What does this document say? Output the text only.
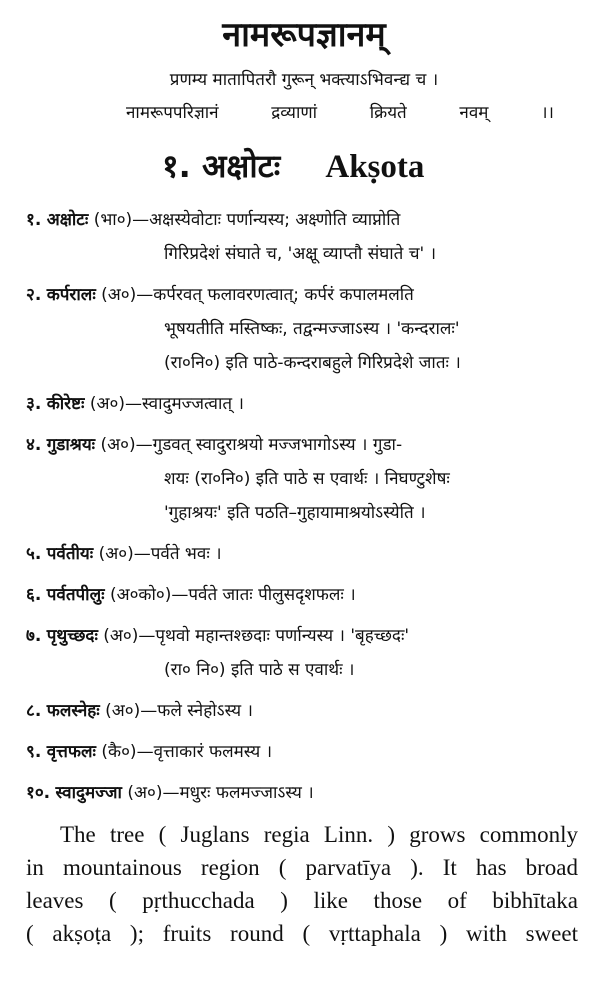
नामरूपज्ञानम्
प्रणम्य मातापितरौ गुरून् भक्त्याऽभिवन्द्य च ।
नामरूपपरिज्ञानं द्रव्याणां क्रियते नवम् ।।
१. अक्षोटः Akṣota
१. अक्षोटः (भा०)—अक्षस्येवोटाः पर्णान्यस्य; अक्ष्णोति व्याप्नोति
गिरिप्रदेशं संघाते च, 'अक्षू व्याप्तौ संघाते च' ।
२. कर्परालः (अ०)—कर्परवत् फलावरणत्वात्; कर्परं कपालमलति
भूषयतीति मस्तिष्कः, तद्वन्मज्जाऽस्य । 'कन्दरालः'
(रा०नि०) इति पाठे-कन्दराबहुले गिरिप्रदेशे जातः ।
३. कीरेष्टः (अ०)—स्वादुमज्जत्वात् ।
४. गुडाश्रयः (अ०)—गुडवत् स्वादुराश्रयो मज्जभागोऽस्य । गुडा-
शयः (रा०नि०) इति पाठे स एवार्थः । निघण्टुशेषः
'गुहाश्रयः' इति पठति–गुहायामाश्रयोऽस्येति ।
५. पर्वतीयः (अ०)—पर्वते भवः ।
६. पर्वतपीलुः (अ०को०)—पर्वते जातः पीलुसदृशफलः ।
७. पृथुच्छदः (अ०)—पृथवो महान्तश्छदाः पर्णान्यस्य । 'बृहच्छदः'
(रा० नि०) इति पाठे स एवार्थः ।
८. फलस्नेहः (अ०)—फले स्नेहोऽस्य ।
९. वृत्तफलः (कै०)—वृत्ताकारं फलमस्य ।
१०. स्वादुमज्जा (अ०)—मधुरः फलमज्जाऽस्य ।
The tree ( Juglans regia Linn. ) grows commonly
in mountainous region ( parvatīya ). It has broad
leaves ( pṛthucchada ) like those of bibhītaka
( akṣoṭa ); fruits round ( vṛttaphala ) with sweet
